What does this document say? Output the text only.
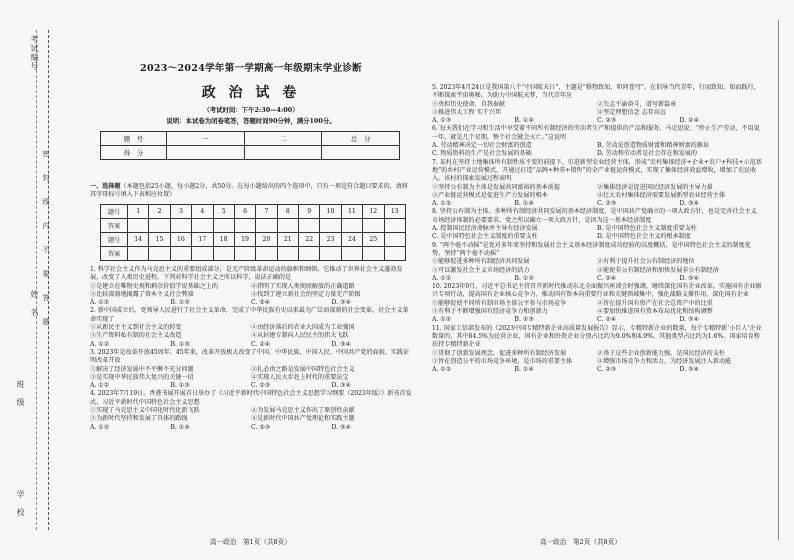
考试编号
姓　名
班　级
学　校
密　　封　　线　　内　　不　　要　　答　　题
2023～2024学年第一学期高一年级期末学业诊断
政 治 试 卷
（考试时间：下午2:30—4:00）
说明：本试卷为闭卷笔答，答题时间90分钟，满分100分。
题　号	一	二	总　分
得　分			
一、选择题（本题包括25小题，每小题2分，共50分。在每小题给出的四个选项中，只有一项是符合题目要求的，请将其字母标号填入下表相应位置）
题号	1	2	3	4	5	6	7	8	9	10	11	12	13
答案													
题号	14	15	16	17	18	19	20	21	22	23	24	25	
答案													

1. 科学社会主义作为马克思主义的重要组成部分，是无产阶级革命运动的旗帜和纲领。它推动了世界社会主义蓬勃发展，改变了人类历史进程。下列对科学社会主义之所以科学，说法正确的是

①是建立在唯物史观和剩余价值学说基础之上的	②指明了实现人类彻底解放的正确道路
③比较深刻地揭露了资本主义社会弊端	④找到了建立新社会的坚定力量无产阶级
A. ①②	B. ①③	C. ②④	D. ③④

2. 新中国成立后，党领导人民进行了社会主义革命，完成了中华民族有史以来最为广泛而深刻的社会变革。社会主义革命实现了

①从新民主主义到社会主义的转变	②由经济落后的农业大国成为工业强国
③生产资料私有制的社会主义改造	④从封建专制向人民民主的伟大飞跃
A. ①②	B. ①③	C. ②④	D. ③④

3. 2023年是改革开放45周年。45年来，改革开放极大改变了中国、中华民族、中国人民、中国共产党的面貌。实践证明改革开放

①解决了经济发展中不平衡不充分问题	②扎必由之路是发展中国特色社会主义
③是实现中华民族伟大复兴的关键一招	④实现人民大步赶上时代的重要法宝
A. ①②	B. ①③	C. ②③	D. ③④

4. 2023年7月19日，香港书展开展首日举办了《习近平新时代中国特色社会主义思想学习纲要（2023年版）》新书首发式。习近平新时代中国特色社会主义思想

①实现了马克思主义中国化时代化新飞跃	②为发展马克思主义作出了原创性贡献
③为新时代坚持和发展了具体的路线	④是新时代中国共产党理论和实践主题
A. ①②	B. ①④	C. ②③	D. ③④

5. 2023年4月24日是我国第八个“中国航天日”，主题是“格物致知，叩问苍穹”。在倡导当代青年，行而致知，知而践行，不断探索宇宙奥秘。为助力中国航天梦，当代青年应

①勇担历史使命，自我奉献	②矢志不渝奋斗，谱写新篇章
③推进伟大工程 实干兴邦	④坚定理想信念 志存高远
A. ①③	B. ①④	C. ②③	D. ②④

6. 每天我们在学习和生活中享受着不同所有制经济的劳动者生产和提供的产品和服务。马克思说：“停止生产劳动，不用说一年，就是几个星期，整个社会就会灭亡。”这说明

A. 劳动精神决定一切社会财富的创造	B. 劳动是创造物质财富和精神财富的源泉
C. 物质资料的生产是社会发展的基础	D. 劳动和劳动者是社会存在和发展的

7. 某村在坚持土地集体所有制性质不变的前提下，引进新型农业经营主体，形成“农村集体经济+企业+农户+科技+示范基地”的乡村产业运营模式，开通过打造“品牌+种养+销售”的全产业链运营模式，实现了集体经济效益增收，增加了农民收入。该村的探索发展过程表明

①坚持公有制为主体是发展共同富裕的基本前提	②集体经济是促进国民经济发展的主导力量
③产业链运营模式是促进生产力发展的根本	④壮大农村集体经济需要发展新型农业经营主体
A. ①②	B. ①④	C. ②③	D. ③④

8. 坚持公有制为主体、多种所有制经济共同发展的基本经济制度，是中国共产党确立的一项大政方针，也是完善社会主义市场经济体制的必要要求。党之所以确立一项大政方针，是因为这一基本经济制度

A. 控制国民经济命脉并主导有经济发展	B. 是中国特色社会主义制度重要支柱
C. 是中国特色社会主义制度的重要支柱	D. 是中国特色社会主义的根本制度

9. “两个毫不动摇”是党对多年来坚持和发展社会主义基本经济制度成功经验的高度概括，是中国特色社会主义的制度优势。坚持“两个毫不动摇”

①能够促进多种所有制经济共同发展	②有利于提升社会公有制经济的地位
③可以激发社会主义市场经济的活力	④能使非公有制经济和加快发展非公有制经济
A. ①②	B. ①③	C. ②④	D. ③④

10. 2023年9月，习近平总书记主持召开新时代推动东北全面振兴座谈会时强调，继续深化国有企业改革，实施国有企业振兴专项行动，提高国有企业核心竞争力，推动国有资本向重要行业和关键领域集中，强化战略支撑作用，深化国有企业

①能够促使不同所有制市场主体公平参与市场竞争	②旨在提升国有资产在社会总资产中的比重
③有利于不断增强国有经济竞争力和创新力	④要加快推进国有资本布局优化和结构调整
A. ①②	B. ①③	C. ②④	D. ③④

11. 国家工信部发布的《2023中国专精特新企业高质量发展报告》显示，专精特新企业的数量，每个专精特新‘小巨人’企业数量的，其中84.5%为民营企业，国有企业和外资企业分别占比约为9.0%和4.9%，其他类型占比约为1.6%。国家培育和扶持专精特新企业

①贯彻了创新发展理念，促进多种所有制经济发展	②基于这些企业创新能力强，是国民经济的支柱
③旨在创造公平的市场竞争环境，是市场的重要主体	④增强市场竞争力和活力，为经济发展注入新动能
A. ①②	B. ①④	C. ②③	D. ③④
高一政治　第1页（共8页）	高一政治　第2页（共8页）
